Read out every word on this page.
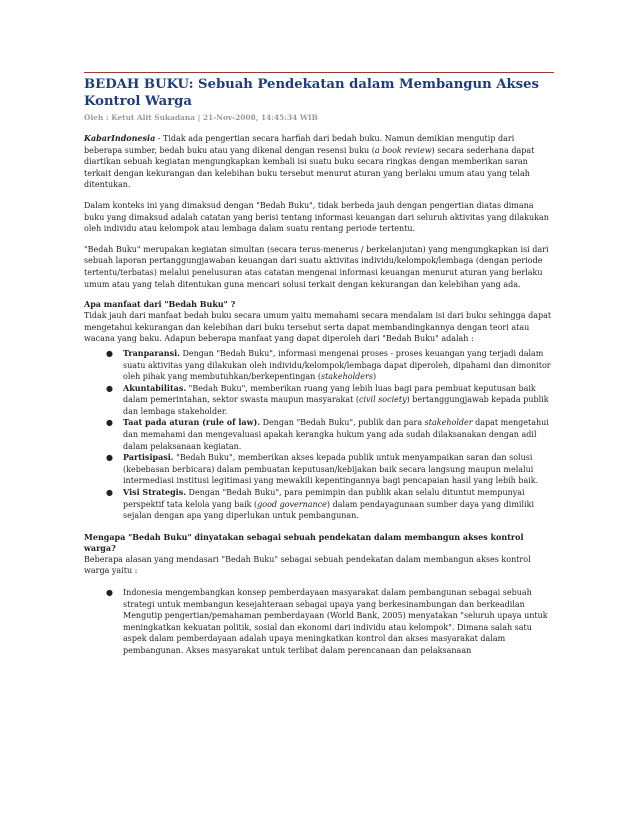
BEDAH BUKU: Sebuah Pendekatan dalam Membangun Akses Kontrol Warga
Oleh : Ketut Alit Sukadana | 21-Nov-2008, 14:45:34 WIB

KabarIndonesia - Tidak ada pengertian secara harfiah dari bedah buku. Namun demikian mengutip dari beberapa sumber, bedah buku atau yang dikenal dengan resensi buku (a book review) secara sederhana dapat diartikan sebuah kegiatan mengungkapkan kembali isi suatu buku secara ringkas dengan memberikan saran terkait dengan kekurangan dan kelebihan buku tersebut menurut aturan yang berlaku umum atau yang telah ditentukan.

Dalam konteks ini yang dimaksud dengan "Bedah Buku", tidak berbeda jauh dengan pengertian diatas dimana buku yang dimaksud adalah catatan yang berisi tentang informasi keuangan dari seluruh aktivitas yang dilakukan oleh individu atau kelompok atau lembaga dalam suatu rentang periode tertentu.

"Bedah Buku" merupakan kegiatan simultan (secara terus-menerus / berkelanjutan) yang mengungkapkan isi dari sebuah laporan pertanggungjawaban keuangan dari suatu aktivitas individu/kelompok/lembaga (dengan periode tertentu/terbatas) melalui penelusuran atas catatan mengenai informasi keuangan menurut aturan yang berlaku umum atau yang telah ditentukan guna mencari solusi terkait dengan kekurangan dan kelebihan yang ada.

Apa manfaat dari "Bedah Buku" ?

Tidak jauh dari manfaat bedah buku secara umum yaitu memahami secara mendalam isi dari buku sehingga dapat mengetahui kekurangan dan kelebihan dari buku tersebut serta dapat membandingkannya dengan teori atau wacana yang baku. Adapun beberapa manfaat yang dapat diperoleh dari "Bedah Buku" adalah :

● Tranparansi. Dengan "Bedah Buku", informasi mengenai proses - proses keuangan yang terjadi dalam suatu aktivitas yang dilakukan oleh individu/kelompok/lembaga dapat diperoleh, dipahami dan dimonitor oleh pihak yang membutuhkan/berkepentingan (stakeholders)
● Akuntabilitas. "Bedah Buku", memberikan ruang yang lebih luas bagi para pembuat keputusan baik dalam pemerintahan, sektor swasta maupun masyarakat (civil society) bertanggungjawab kepada publik dan lembaga stakeholder.
● Taat pada aturan (rule of law). Dengan "Bedah Buku", publik dan para stakeholder dapat mengetahui dan memahami dan mengevaluasi apakah kerangka hukum yang ada sudah dilaksanakan dengan adil dalam pelaksanaan kegiatan.
● Partisipasi. "Bedah Buku", memberikan akses kepada publik untuk menyampaikan saran dan solusi (kebebasan berbicara) dalam pembuatan keputusan/kebijakan baik secara langsung maupun melalui intermediasi institusi legitimasi yang mewakili kepentingannya bagi pencapaian hasil yang lebih baik.
● Visi Strategis. Dengan "Bedah Buku", para pemimpin dan publik akan selalu dituntut mempunyai perspektif tata kelola yang baik (good governance) dalam pendayagunaan sumber daya yang dimiliki sejalan dengan apa yang diperlukan untuk pembangunan.
Mengapa "Bedah Buku" dinyatakan sebagai sebuah pendekatan dalam membangun akses kontrol warga?

Beberapa alasan yang mendasari "Bedah Buku" sebagai sebuah pendekatan dalam membangun akses kontrol warga yaitu :

● Indonesia mengembangkan konsep pemberdayaan masyarakat dalam pembangunan sebagai sebuah strategi untuk membangun kesejahteraan sebagai upaya yang berkesinambungan dan berkeadilan Mengutip pengertian/pemahaman pemberdayaan (World Bank, 2005) menyatakan "seluruh upaya untuk meningkatkan kekuatan politik, sosial dan ekonomi dari individu atau kelompok". Dimana salah satu aspek dalam pemberdayaan adalah upaya meningkatkan kontrol dan akses masyarakat dalam pembangunan. Akses masyarakat untuk terlibat dalam perencanaan dan pelaksanaan
